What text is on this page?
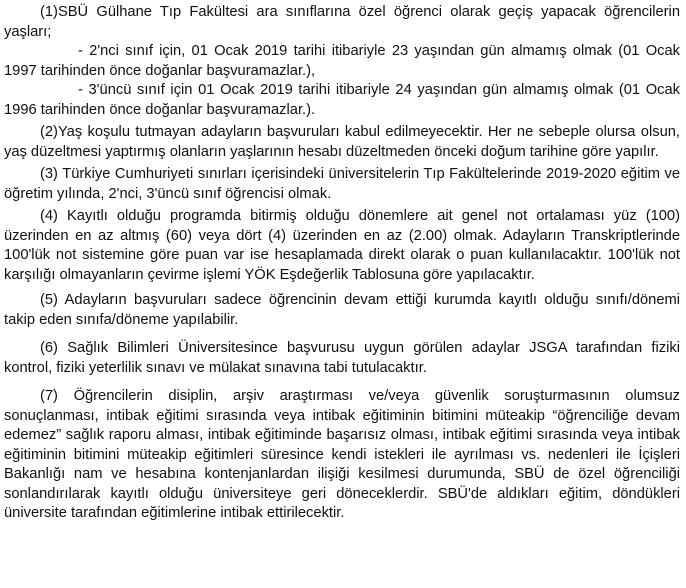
(1)SBÜ Gülhane Tıp Fakültesi ara sınıflarına özel öğrenci olarak geçiş yapacak öğrencilerin yaşları;

- 2'nci sınıf için, 01 Ocak 2019 tarihi itibariyle 23 yaşından gün almamış olmak (01 Ocak 1997 tarihinden önce doğanlar başvuramazlar.),

- 3'üncü sınıf için 01 Ocak 2019 tarihi itibariyle 24 yaşından gün almamış olmak (01 Ocak 1996 tarihinden önce doğanlar başvuramazlar.).

(2)Yaş koşulu tutmayan adayların başvuruları kabul edilmeyecektir. Her ne sebeple olursa olsun, yaş düzeltmesi yaptırmış olanların yaşlarının hesabı düzeltmeden önceki doğum tarihine göre yapılır.

(3) Türkiye Cumhuriyeti sınırları içerisindeki üniversitelerin Tıp Fakültelerinde 2019-2020 eğitim ve öğretim yılında, 2'nci, 3'üncü sınıf öğrencisi olmak.

(4) Kayıtlı olduğu programda bitirmiş olduğu dönemlere ait genel not ortalaması yüz (100) üzerinden en az altmış (60) veya dört (4) üzerinden en az (2.00) olmak. Adayların Transkriptlerinde 100'lük not sistemine göre puan var ise hesaplamada direkt olarak o puan kullanılacaktır. 100'lük not karşılığı olmayanların çevirme işlemi YÖK Eşdeğerlik Tablosuna göre yapılacaktır.

(5) Adayların başvuruları sadece öğrencinin devam ettiği kurumda kayıtlı olduğu sınıfı/dönemi takip eden sınıfa/döneme yapılabilir.

(6) Sağlık Bilimleri Üniversitesince başvurusu uygun görülen adaylar JSGA tarafından fiziki kontrol, fiziki yeterlilik sınavı ve mülakat sınavına tabi tutulacaktır.

(7) Öğrencilerin disiplin, arşiv araştırması ve/veya güvenlik soruşturmasının olumsuz sonuçlanması, intibak eğitimi sırasında veya intibak eğitiminin bitimini müteakip “öğrenciliğe devam edemez” sağlık raporu alması, intibak eğitiminde başarısız olması, intibak eğitimi sırasında veya intibak eğitiminin bitimini müteakip eğitimleri süresince kendi istekleri ile ayrılması vs. nedenleri ile İçişleri Bakanlığı nam ve hesabına kontenjanlardan ilişiği kesilmesi durumunda, SBÜ de özel öğrenciliği sonlandırılarak kayıtlı olduğu üniversiteye geri döneceklerdir. SBÜ'de aldıkları eğitim, döndükleri üniversite tarafından eğitimlerine intibak ettirilecektir.
